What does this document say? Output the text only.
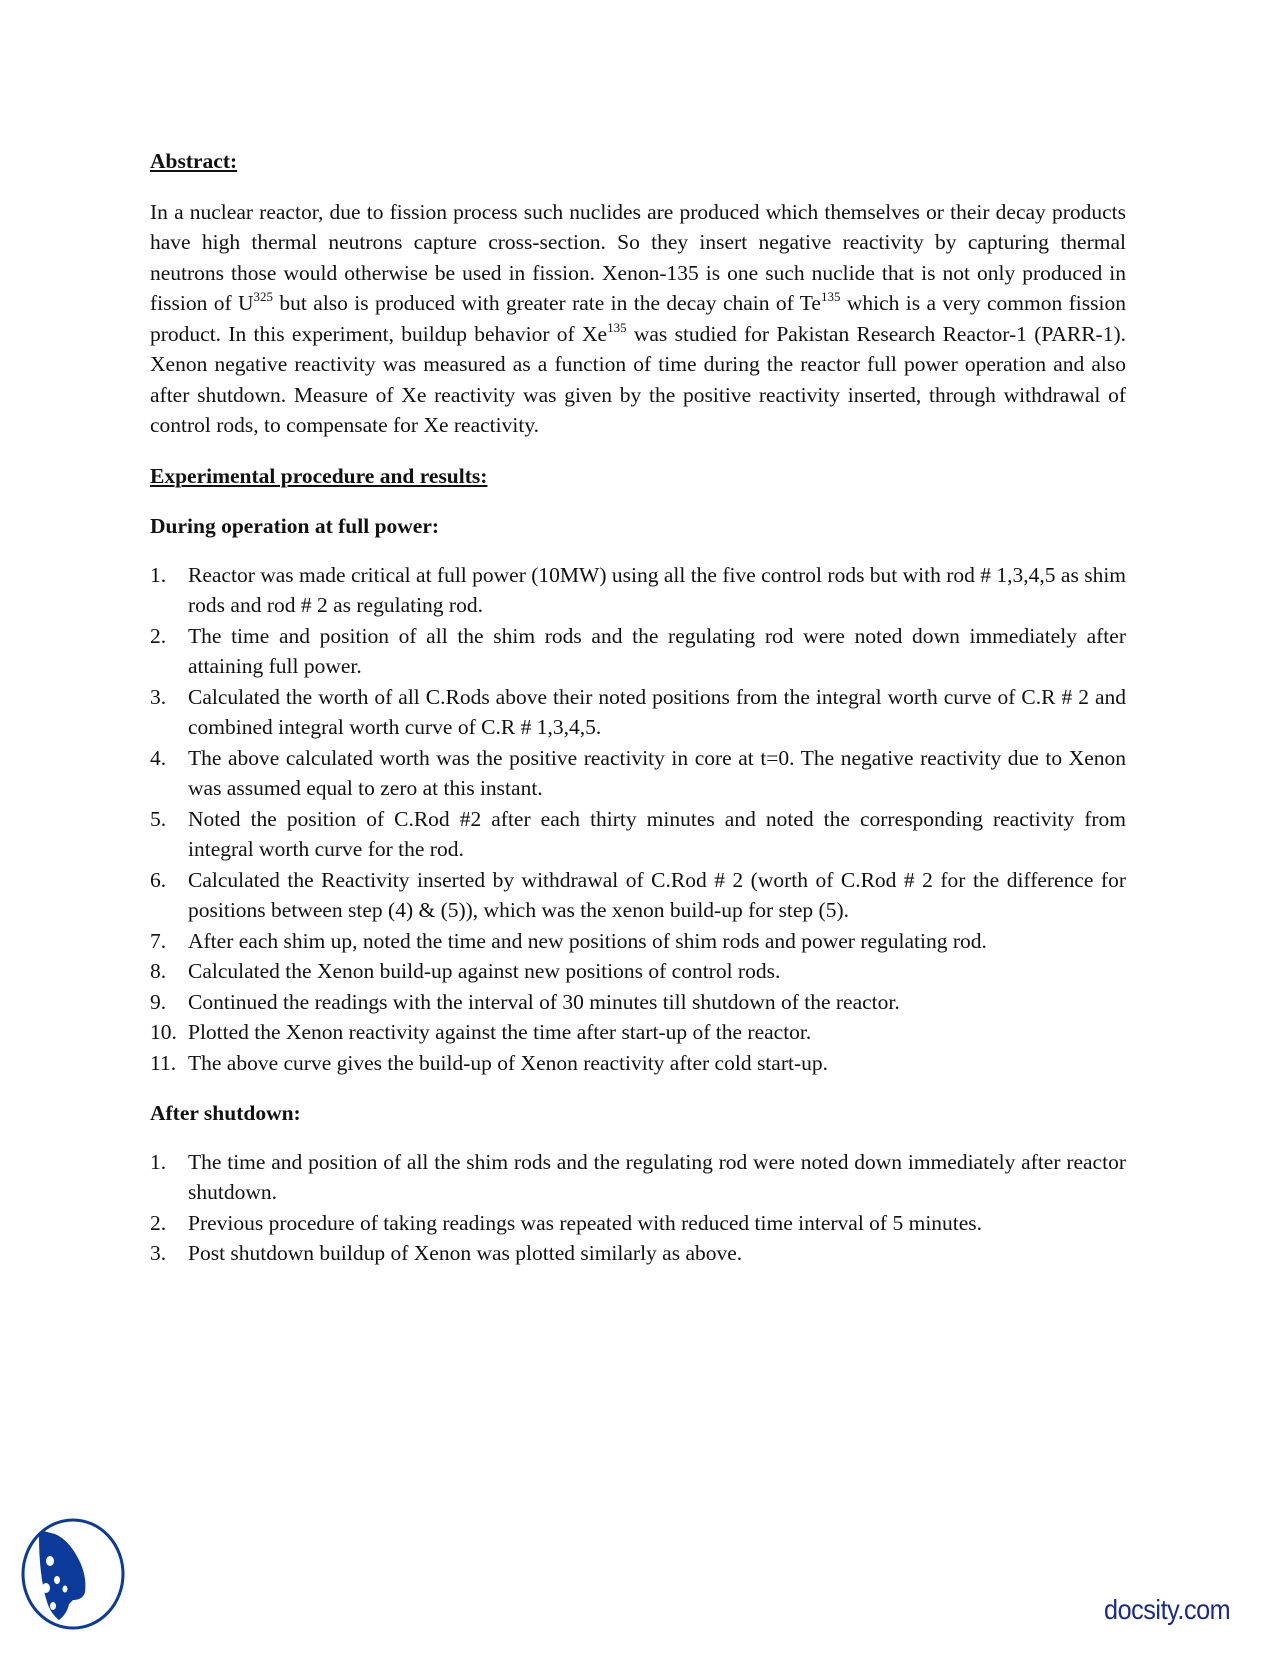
Abstract:

In a nuclear reactor, due to fission process such nuclides are produced which themselves or their decay products have high thermal neutrons capture cross-section. So they insert negative reactivity by capturing thermal neutrons those would otherwise be used in fission. Xenon-135 is one such nuclide that is not only produced in fission of $U^{325}$ but also is produced with greater rate in the decay chain of Te$^{135}$ which is a very common fission product. In this experiment, buildup behavior of Xe$^{135}$ was studied for Pakistan Research Reactor-1 (PARR-1). Xenon negative reactivity was measured as a function of time during the reactor full power operation and also after shutdown. Measure of Xe reactivity was given by the positive reactivity inserted, through withdrawal of control rods, to compensate for Xe reactivity.

Experimental procedure and results:
During operation at full power:
1. Reactor was made critical at full power (10MW) using all the five control rods but with rod # 1,3,4,5 as shim rods and rod # 2 as regulating rod.
2. The time and position of all the shim rods and the regulating rod were noted down immediately after attaining full power.
3. Calculated the worth of all C.Rods above their noted positions from the integral worth curve of C.R # 2 and combined integral worth curve of C.R # 1,3,4,5.
4. The above calculated worth was the positive reactivity in core at t=0. The negative reactivity due to Xenon was assumed equal to zero at this instant.
5. Noted the position of C.Rod #2 after each thirty minutes and noted the corresponding reactivity from integral worth curve for the rod.
6. Calculated the Reactivity inserted by withdrawal of C.Rod # 2 (worth of C.Rod # 2 for the difference for positions between step (4) & (5)), which was the xenon build-up for step (5).
7. After each shim up, noted the time and new positions of shim rods and power regulating rod.
8. Calculated the Xenon build-up against new positions of control rods.
9. Continued the readings with the interval of 30 minutes till shutdown of the reactor.
10. Plotted the Xenon reactivity against the time after start-up of the reactor.
11. The above curve gives the build-up of Xenon reactivity after cold start-up.
After shutdown:
1. The time and position of all the shim rods and the regulating rod were noted down immediately after reactor shutdown.
2. Previous procedure of taking readings was repeated with reduced time interval of 5 minutes.
3. Post shutdown buildup of Xenon was plotted similarly as above.
docsity.com
